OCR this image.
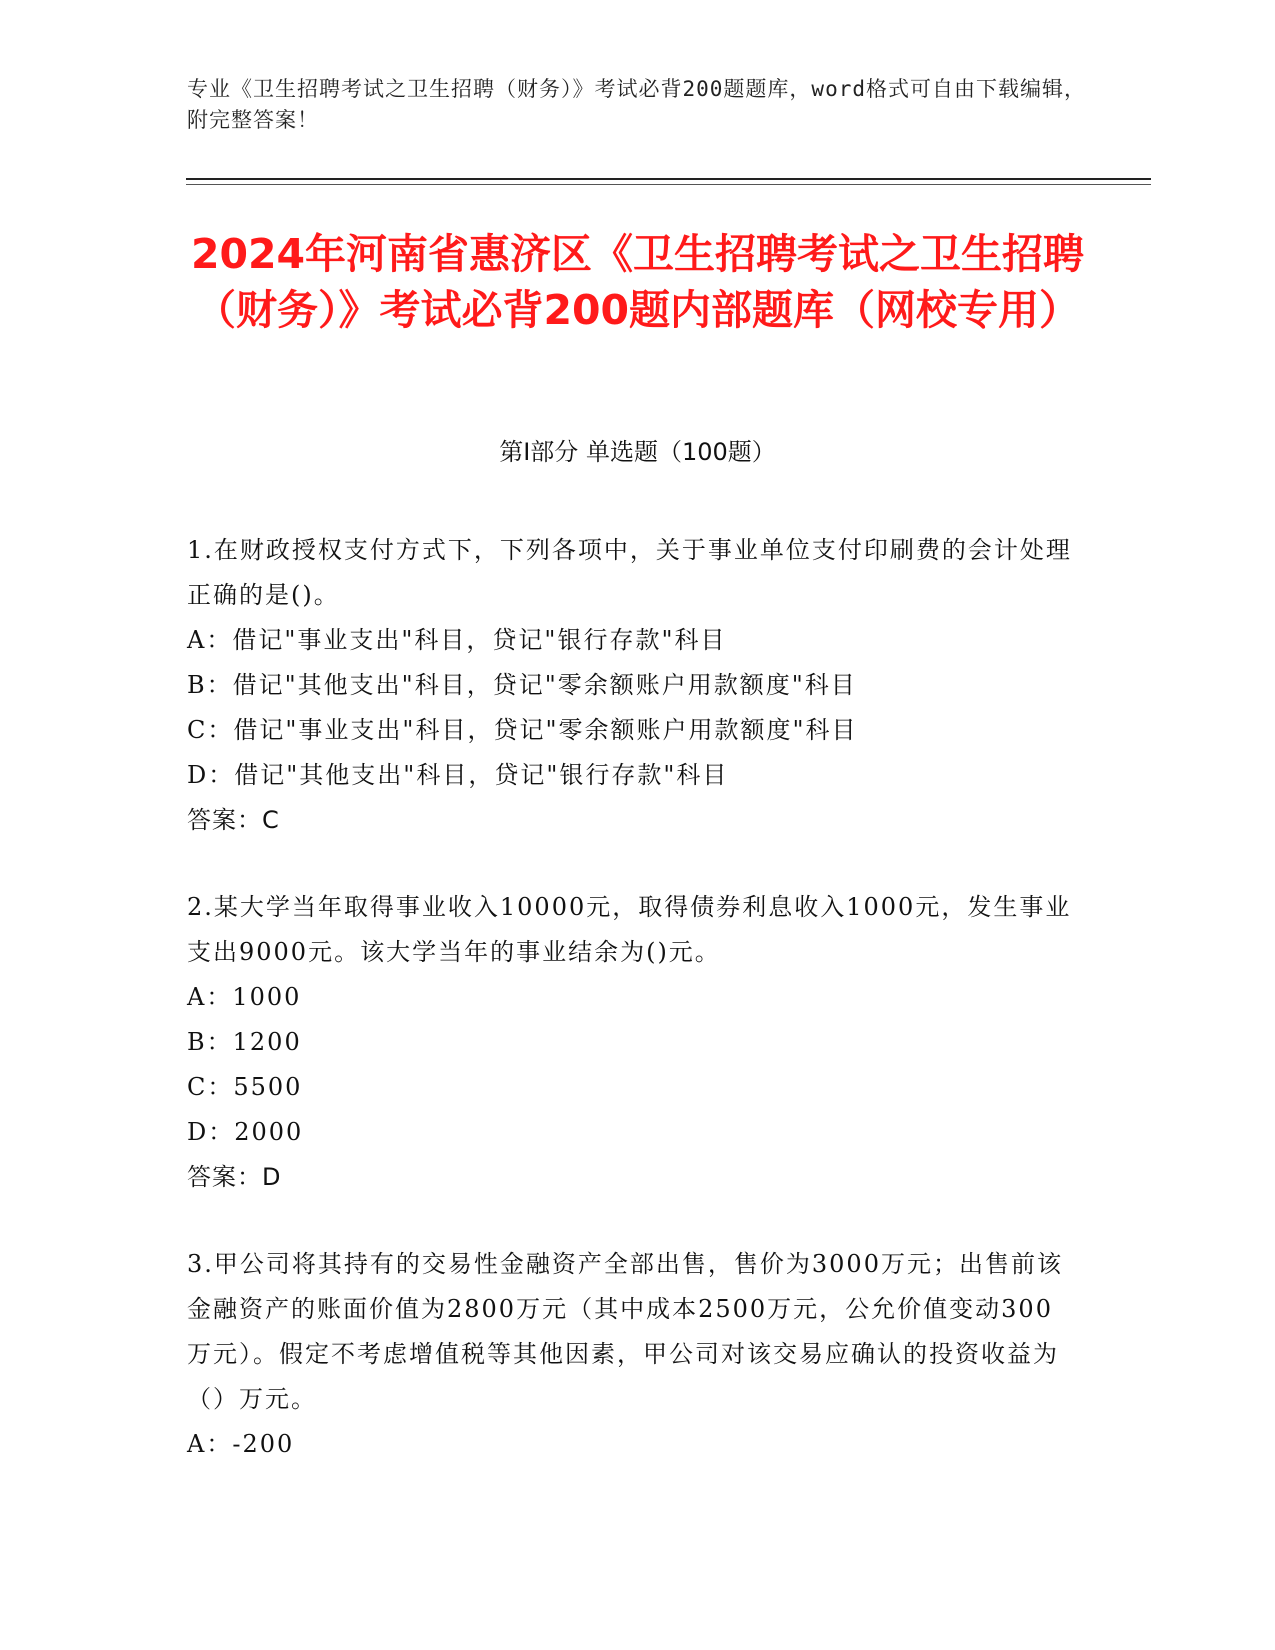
专业《卫生招聘考试之卫生招聘（财务）》考试必背200题题库，word格式可自由下载编辑，附完整答案！
2024年河南省惠济区《卫生招聘考试之卫生招聘（财务）》考试必背200题内部题库（网校专用）
第Ⅰ部分 单选题（100题）
1.在财政授权支付方式下，下列各项中，关于事业单位支付印刷费的会计处理正确的是()。
A：借记"事业支出"科目，贷记"银行存款"科目
B：借记"其他支出"科目，贷记"零余额账户用款额度"科目
C：借记"事业支出"科目，贷记"零余额账户用款额度"科目
D：借记"其他支出"科目，贷记"银行存款"科目
答案：C
2.某大学当年取得事业收入10000元，取得债券利息收入1000元，发生事业支出9000元。该大学当年的事业结余为()元。
A：1000
B：1200
C：5500
D：2000
答案：D
3.甲公司将其持有的交易性金融资产全部出售，售价为3000万元；出售前该金融资产的账面价值为2800万元（其中成本2500万元，公允价值变动300万元）。假定不考虑增值税等其他因素，甲公司对该交易应确认的投资收益为（）万元。
A：-200
